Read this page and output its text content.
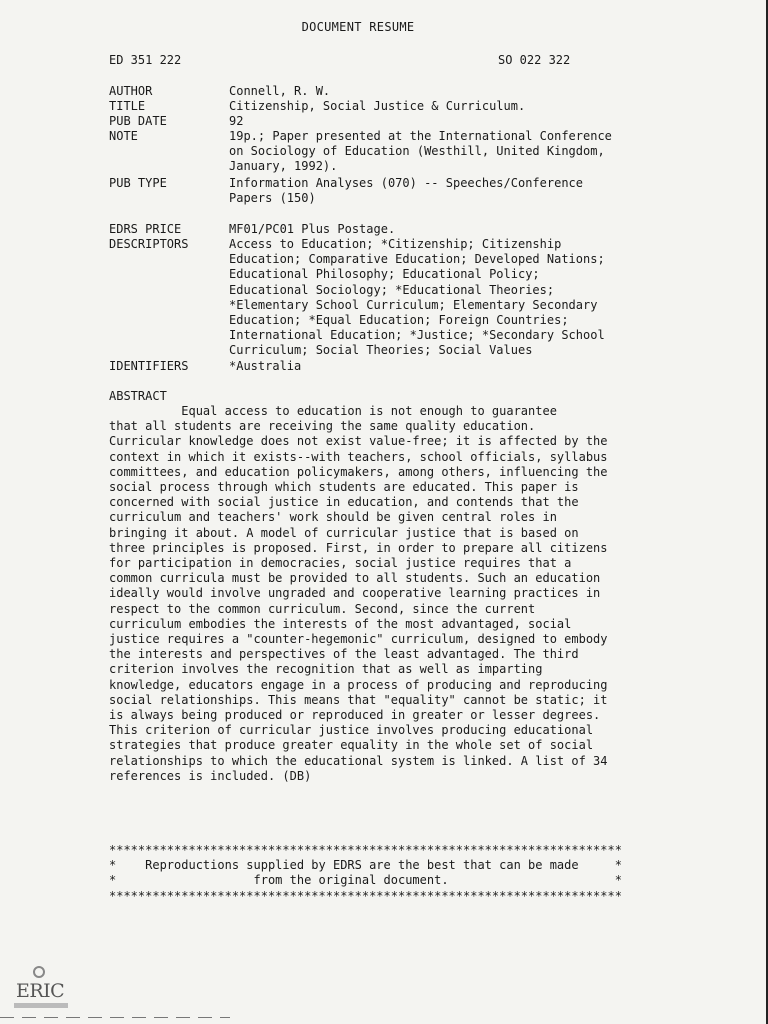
DOCUMENT RESUME
ED 351 222	SO 022 322
AUTHOR	Connell, R. W.
TITLE	Citizenship, Social Justice & Curriculum.
PUB DATE	92
NOTE	19p.; Paper presented at the International Conference
on Sociology of Education (Westhill, United Kingdom,
January, 1992).
PUB TYPE	Information Analyses (070) -- Speeches/Conference
Papers (150)
EDRS PRICE	MF01/PC01 Plus Postage.
DESCRIPTORS	Access to Education; *Citizenship; Citizenship
Education; Comparative Education; Developed Nations;
Educational Philosophy; Educational Policy;
Educational Sociology; *Educational Theories;
*Elementary School Curriculum; Elementary Secondary
Education; *Equal Education; Foreign Countries;
International Education; *Justice; *Secondary School
Curriculum; Social Theories; Social Values
IDENTIFIERS	*Australia
ABSTRACT
Equal access to education is not enough to guarantee
that all students are receiving the same quality education.
Curricular knowledge does not exist value-free; it is affected by the
context in which it exists--with teachers, school officials, syllabus
committees, and education policymakers, among others, influencing the
social process through which students are educated. This paper is
concerned with social justice in education, and contends that the
curriculum and teachers' work should be given central roles in
bringing it about. A model of curricular justice that is based on
three principles is proposed. First, in order to prepare all citizens
for participation in democracies, social justice requires that a
common curricula must be provided to all students. Such an education
ideally would involve ungraded and cooperative learning practices in
respect to the common curriculum. Second, since the current
curriculum embodies the interests of the most advantaged, social
justice requires a "counter-hegemonic" curriculum, designed to embody
the interests and perspectives of the least advantaged. The third
criterion involves the recognition that as well as imparting
knowledge, educators engage in a process of producing and reproducing
social relationships. This means that "equality" cannot be static; it
is always being produced or reproduced in greater or lesser degrees.
This criterion of curricular justice involves producing educational
strategies that produce greater equality in the whole set of social
relationships to which the educational system is linked. A list of 34
references is included. (DB)
***********************************************************************
*    Reproductions supplied by EDRS are the best that can be made     *
*                   from the original document.                       *
***********************************************************************
ERIC
